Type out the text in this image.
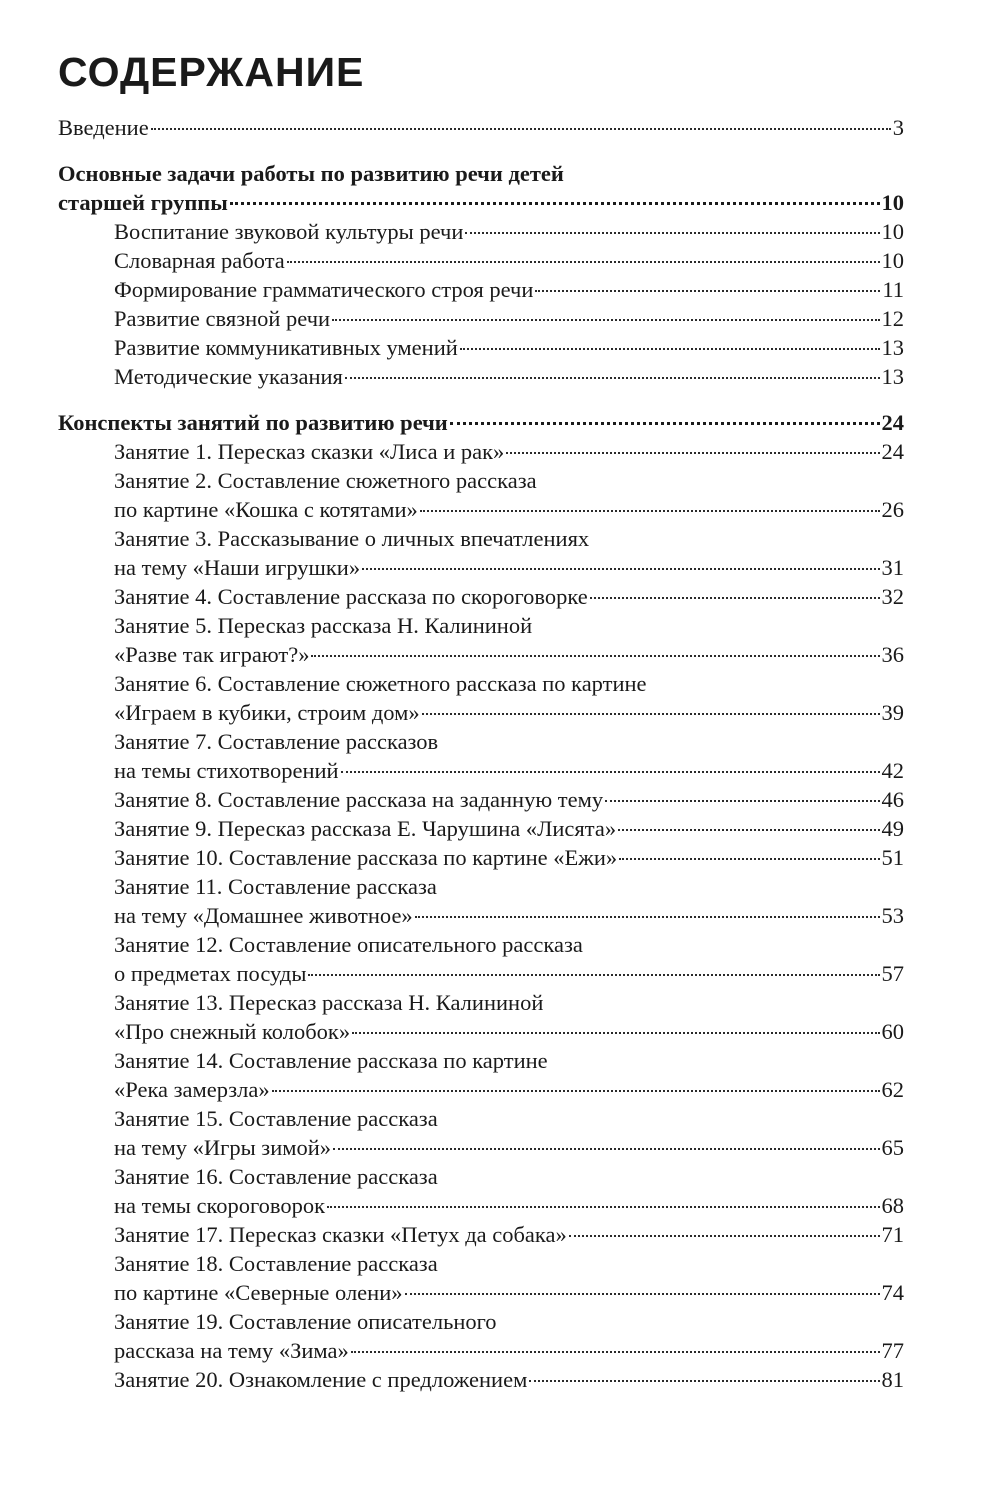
СОДЕРЖАНИЕ
Введение	3
Основные задачи работы по развитию речи детей
старшей группы	10
Воспитание звуковой культуры речи	10
Словарная работа	10
Формирование грамматического строя речи	11
Развитие связной речи	12
Развитие коммуникативных умений	13
Методические указания	13
Конспекты занятий по развитию речи	24
Занятие 1. Пересказ сказки «Лиса и рак»	24
Занятие 2. Составление сюжетного рассказа
по картине «Кошка с котятами»	26
Занятие 3. Рассказывание о личных впечатлениях
на тему «Наши игрушки»	31
Занятие 4. Составление рассказа по скороговорке	32
Занятие 5. Пересказ рассказа Н. Калининой
«Разве так играют?»	36
Занятие 6. Составление сюжетного рассказа по картине
«Играем в кубики, строим дом»	39
Занятие 7. Составление рассказов
на темы стихотворений	42
Занятие 8. Составление рассказа на заданную тему	46
Занятие 9. Пересказ рассказа Е. Чарушина «Лисята»	49
Занятие 10. Составление рассказа по картине «Ежи»	51
Занятие 11. Составление рассказа
на тему «Домашнее животное»	53
Занятие 12. Составление описательного рассказа
о предметах посуды	57
Занятие 13. Пересказ рассказа Н. Калининой
«Про снежный колобок»	60
Занятие 14. Составление рассказа по картине
«Река замерзла»	62
Занятие 15. Составление рассказа
на тему «Игры зимой»	65
Занятие 16. Составление рассказа
на темы скороговорок	68
Занятие 17. Пересказ сказки «Петух да собака»	71
Занятие 18. Составление рассказа
по картине «Северные олени»	74
Занятие 19. Составление описательного
рассказа на тему «Зима»	77
Занятие 20. Ознакомление с предложением	81
